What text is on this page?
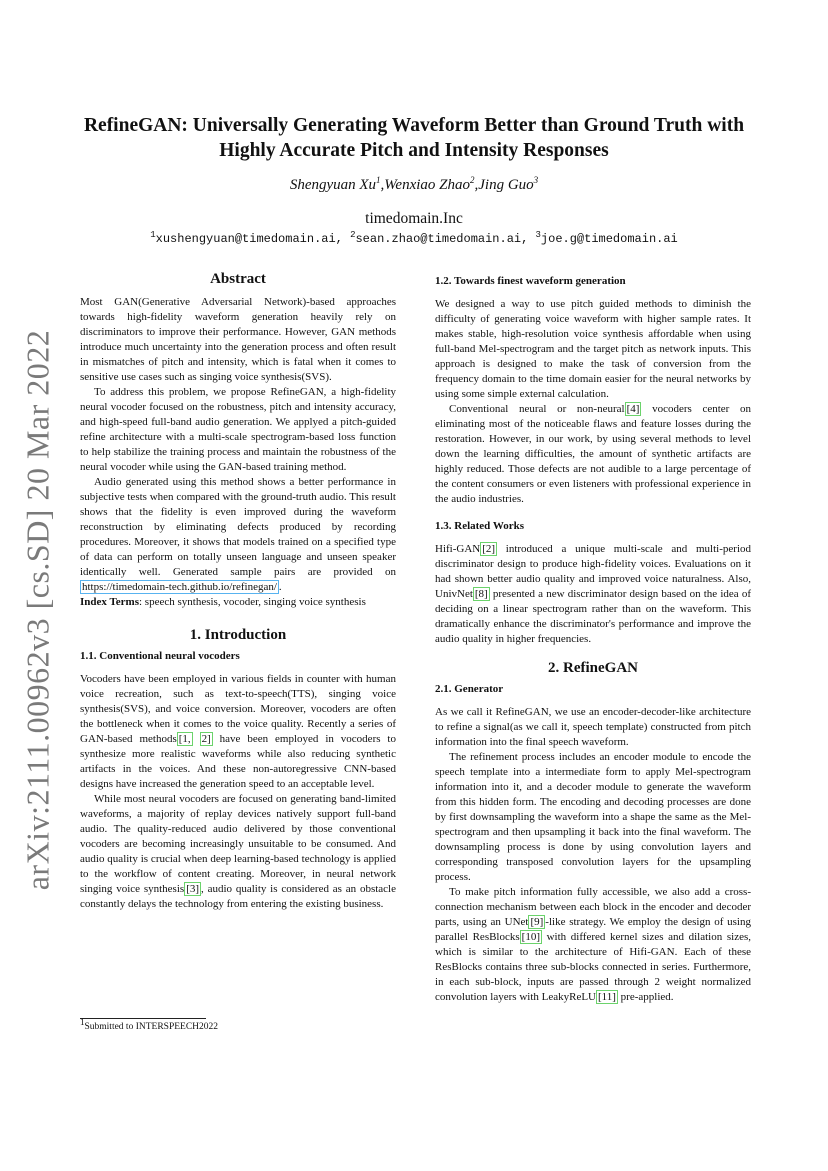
arXiv:2111.00962v3 [cs.SD] 20 Mar 2022
RefineGAN: Universally Generating Waveform Better than Ground Truth with Highly Accurate Pitch and Intensity Responses
Shengyuan Xu$^1$,Wenxiao Zhao$^2$,Jing Guo$^3$
timedomain.Inc
$^1$xushengyuan@timedomain.ai, $^2$sean.zhao@timedomain.ai, $^3$joe.g@timedomain.ai
Abstract

Most GAN(Generative Adversarial Network)-based approaches towards high-fidelity waveform generation heavily rely on discriminators to improve their performance. However, GAN methods introduce much uncertainty into the generation process and often result in mismatches of pitch and intensity, which is fatal when it comes to sensitive use cases such as singing voice synthesis(SVS).

To address this problem, we propose RefineGAN, a high-fidelity neural vocoder focused on the robustness, pitch and intensity accuracy, and high-speed full-band audio generation. We applyed a pitch-guided refine architecture with a multi-scale spectrogram-based loss function to help stabilize the training process and maintain the robustness of the neural vocoder while using the GAN-based training method.

Audio generated using this method shows a better performance in subjective tests when compared with the ground-truth audio. This result shows that the fidelity is even improved during the waveform reconstruction by eliminating defects produced by recording procedures. Moreover, it shows that models trained on a specified type of data can perform on totally unseen language and unseen speaker identically well. Generated sample pairs are provided on https://timedomain-tech.github.io/refinegan/ .

Index Terms: speech synthesis, vocoder, singing voice synthesis

1. Introduction
1.1. Conventional neural vocoders

Vocoders have been employed in various fields in counter with human voice recreation, such as text-to-speech(TTS), singing voice synthesis(SVS), and voice conversion. Moreover, vocoders are often the bottleneck when it comes to the voice quality. Recently a series of GAN-based methods [1, 2] have been employed in vocoders to synthesize more realistic waveforms while also reducing synthetic artifacts in the voices. And these non-autoregressive CNN-based designs have increased the generation speed to an acceptable level.

While most neural vocoders are focused on generating band-limited waveforms, a majority of replay devices natively support full-band audio. The quality-reduced audio delivered by those conventional vocoders are becoming increasingly unsuitable to be consumed. And audio quality is crucial when deep learning-based technology is applied to the workflow of content creating. Moreover, in neural network singing voice synthesis [3] , audio quality is considered as an obstacle constantly delays the technology from entering the existing business.

$^1$Submitted to INTERSPEECH2022
1.2. Towards finest waveform generation

We designed a way to use pitch guided methods to diminish the difficulty of generating voice waveform with higher sample rates. It makes stable, high-resolution voice synthesis affordable when using full-band Mel-spectrogram and the target pitch as network inputs. This approach is designed to make the task of conversion from the frequency domain to the time domain easier for the neural networks by using some simple external calculation.

Conventional neural or non-neural [4] vocoders center on eliminating most of the noticeable flaws and feature losses during the restoration. However, in our work, by using several methods to level down the learning difficulties, the amount of synthetic artifacts are highly reduced. Those defects are not audible to a large percentage of the content consumers or even listeners with professional experience in the audio industries.

1.3. Related Works

Hifi-GAN [2] introduced a unique multi-scale and multi-period discriminator design to produce high-fidelity voices. Evaluations on it had shown better audio quality and improved voice naturalness. Also, UnivNet [8] presented a new discriminator design based on the idea of deciding on a linear spectrogram rather than on the waveform. This dramatically enhance the discriminator's performance and improve the audio quality in higher frequencies.

2. RefineGAN
2.1. Generator

As we call it RefineGAN, we use an encoder-decoder-like architecture to refine a signal(as we call it, speech template) constructed from pitch information into the final speech waveform.

The refinement process includes an encoder module to encode the speech template into a intermediate form to apply Mel-spectrogram information into it, and a decoder module to generate the waveform from this hidden form. The encoding and decoding processes are done by first downsampling the waveform into a shape the same as the Mel-spectrogram and then upsampling it back into the final waveform. The downsampling process is done by using convolution layers and corresponding transposed convolution layers for the upsampling process.

To make pitch information fully accessible, we also add a cross-connection mechanism between each block in the encoder and decoder parts, using an UNet [9] -like strategy. We employ the design of using parallel ResBlocks [10] with differed kernel sizes and dilation sizes, which is similar to the architecture of Hifi-GAN. Each of these ResBlocks contains three sub-blocks connected in series. Furthermore, in each sub-block, inputs are passed through 2 weight normalized convolution layers with LeakyReLU [11] pre-applied.
